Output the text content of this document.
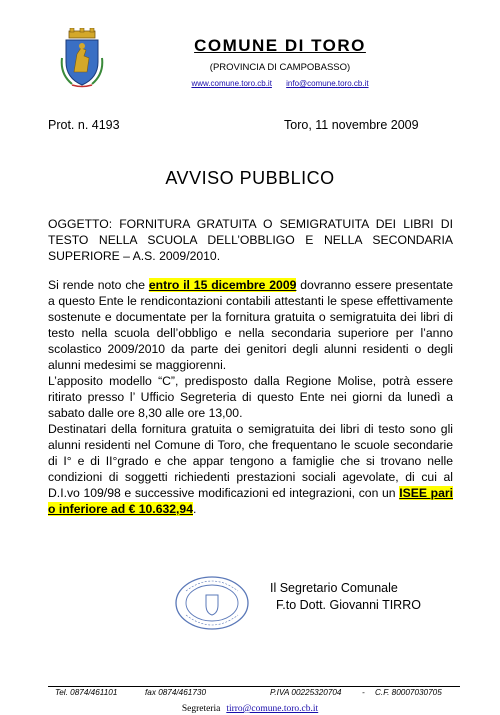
COMUNE DI TORO
(PROVINCIA DI CAMPOBASSO)
www.comune.toro.cb.it info@comune.toro.cb.it
Prot. n. 4193	Toro, 11 novembre 2009
AVVISO PUBBLICO

OGGETTO: FORNITURA GRATUITA O SEMIGRATUITA DEI LIBRI DI TESTO NELLA SCUOLA DELL’OBBLIGO E NELLA SECONDARIA SUPERIORE – A.S. 2009/2010.

Si rende noto che entro il 15 dicembre 2009 dovranno essere presentate a questo Ente le rendicontazioni contabili attestanti le spese effettivamente sostenute e documentate per la fornitura gratuita o semigratuita dei libri di testo nella scuola dell’obbligo e nella secondaria superiore per l’anno scolastico 2009/2010 da parte dei genitori degli alunni residenti o degli alunni medesimi se maggiorenni.

L’apposito modello “C”, predisposto dalla Regione Molise, potrà essere ritirato presso l’ Ufficio Segreteria di questo Ente nei giorni da lunedì a sabato dalle ore 8,30 alle ore 13,00.

Destinatari della fornitura gratuita o semigratuita dei libri di testo sono gli alunni residenti nel Comune di Toro, che frequentano le scuole secondarie di I° e di II°grado e che appar tengono a famiglie che si trovano nelle condizioni di soggetti richiedenti prestazioni sociali agevolate, di cui al D.I.vo 109/98 e successive modificazioni ed integrazioni, con un ISEE pari o inferiore ad € 10.632,94.

Il Segretario Comunale
F.to Dott. Giovanni TIRRO
Tel. 0874/461101	fax 0874/461730	P.IVA 00225320704	- C.F. 80007030705
Segreteria tirro@comune.toro.cb.it
